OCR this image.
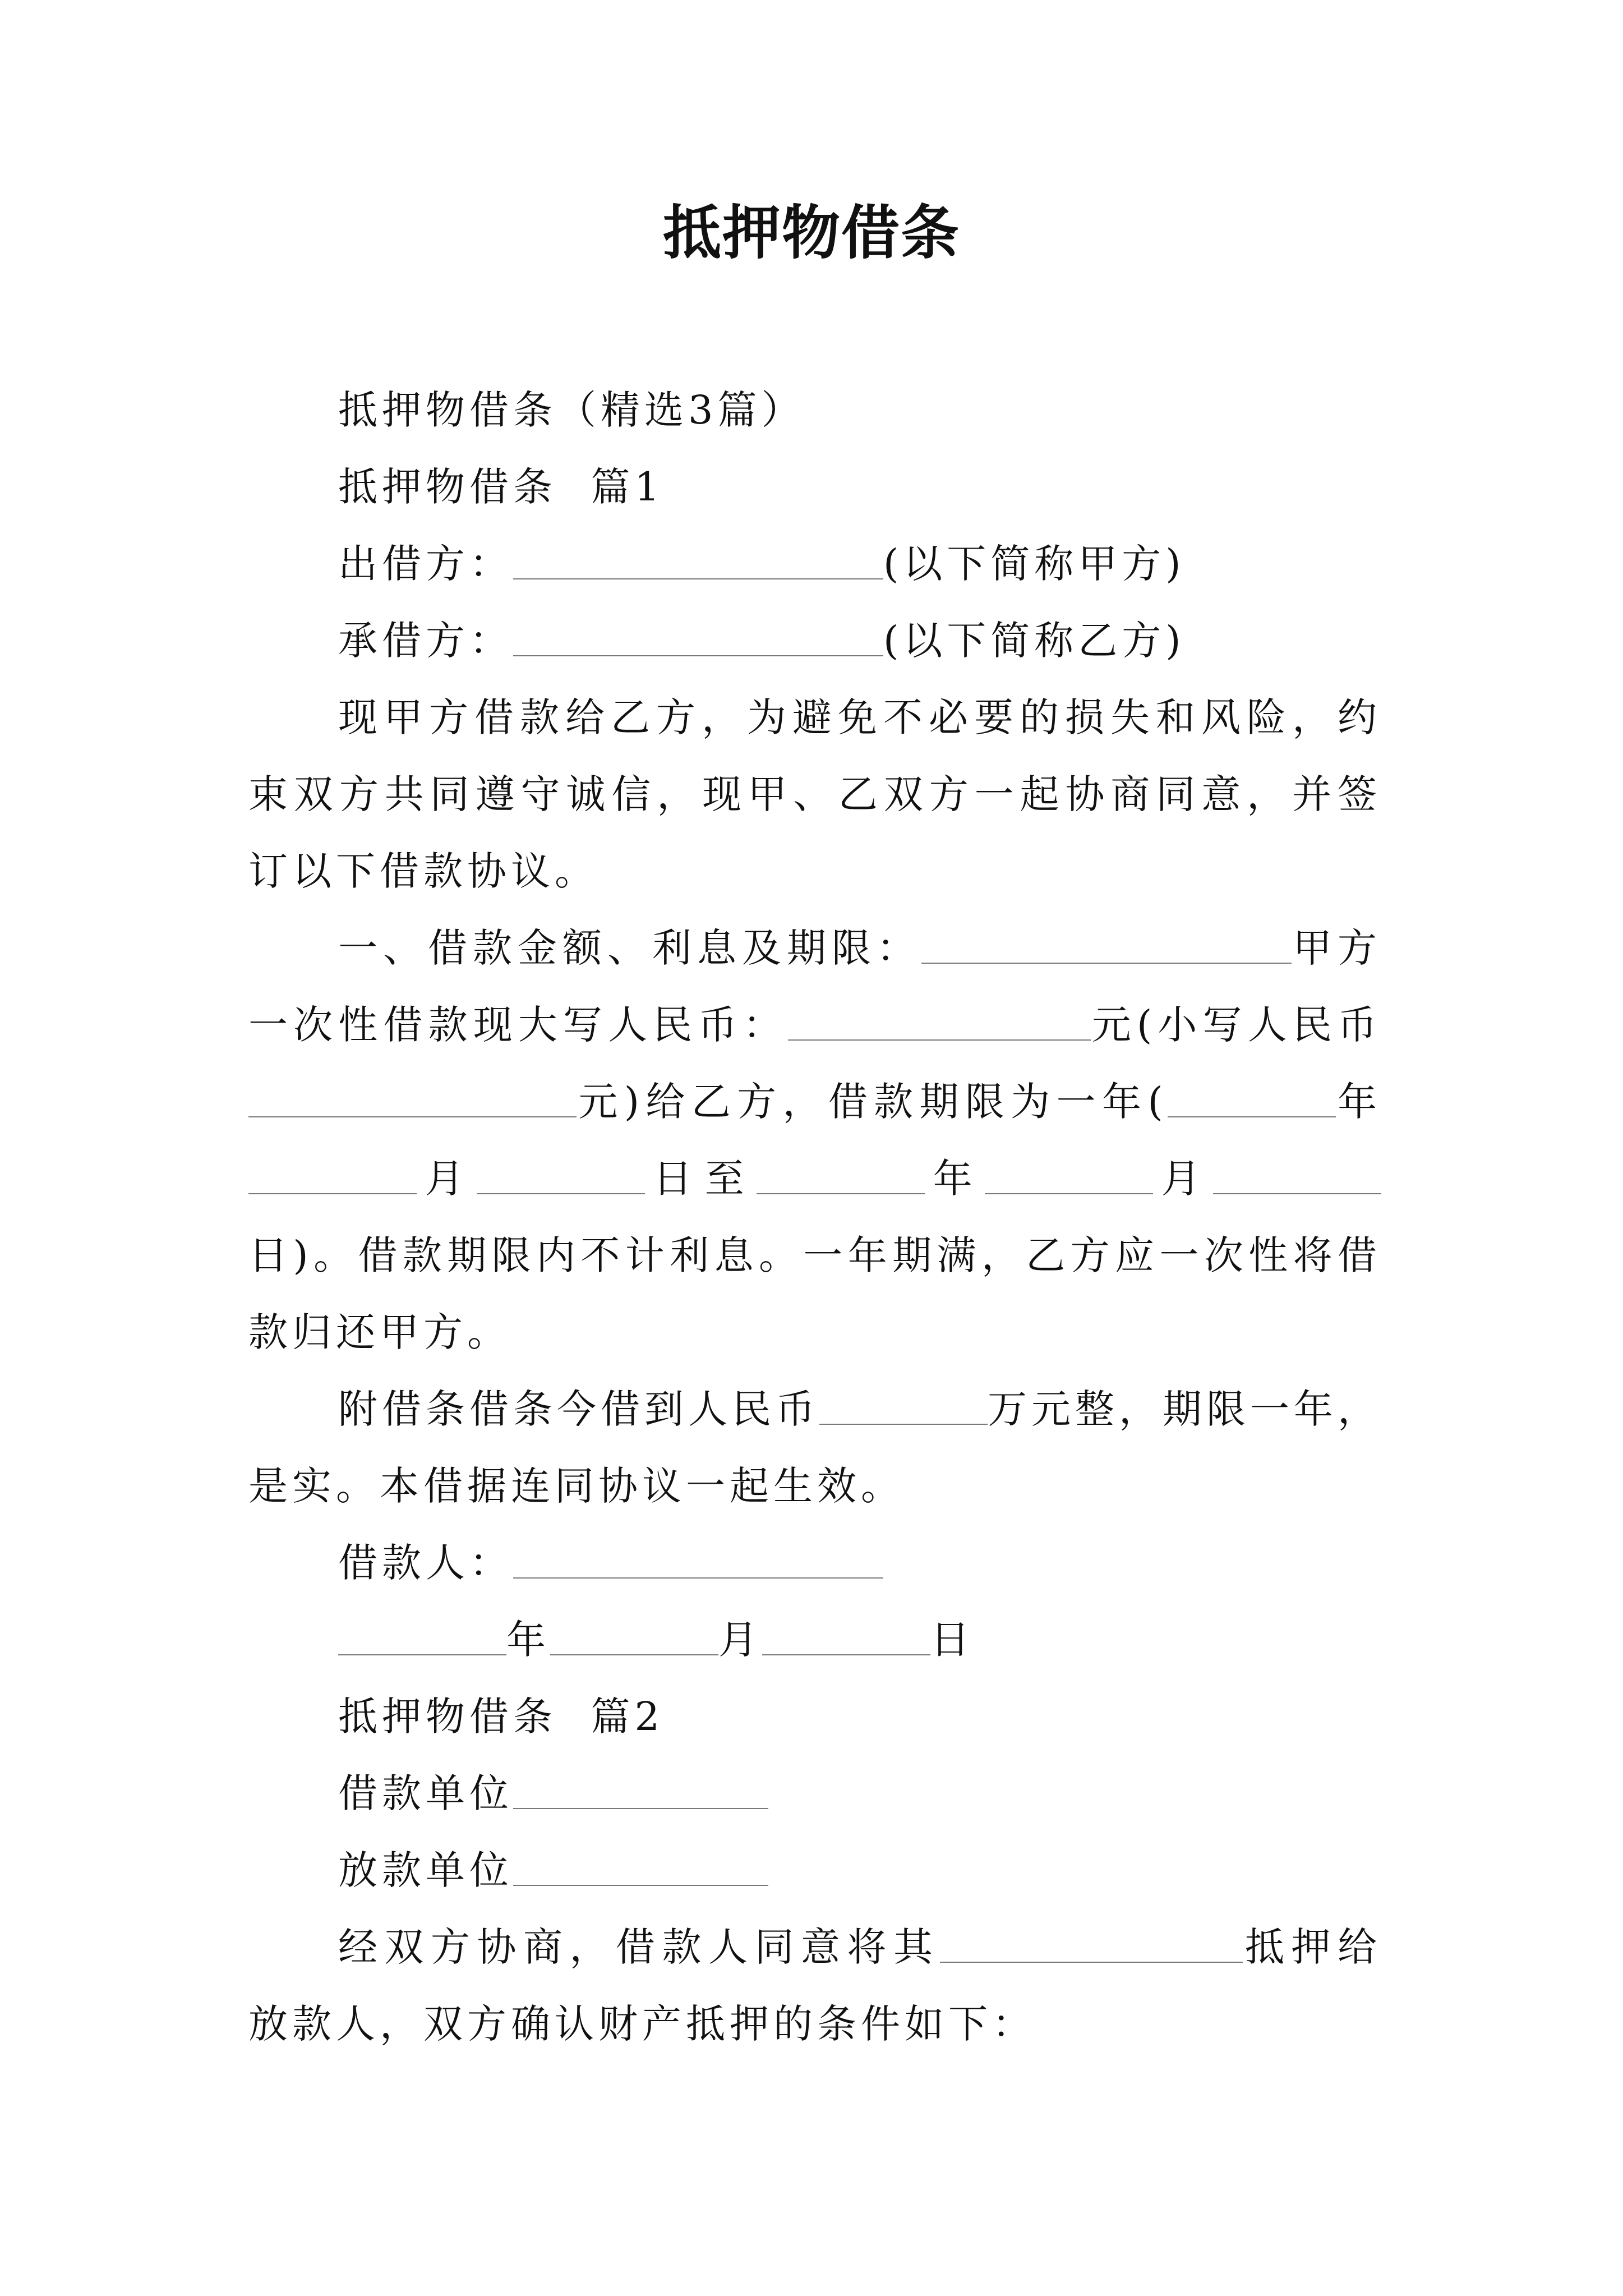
抵押物借条

抵押物借条（精选3篇）

抵押物借条  篇1

出借方：	(以下简称甲方)

承借方：	(以下简称乙方)

现甲方借款给乙方，为避免不必要的损失和风险，约束双方共同遵守诚信，现甲、乙双方一起协商同意，并签订以下借款协议。

一、借款金额、利息及期限：	甲方一次性借款现大写人民币：	元(小写人民币元)给乙方，借款期限为一年(	年月	日至	年	月日)。借款期限内不计利息。一年期满，乙方应一次性将借款归还甲方。

附借条借条今借到人民币	万元整，期限一年，是实。本借据连同协议一起生效。

借款人：

年	月	日

抵押物借条  篇2

借款单位

放款单位

经双方协商，借款人同意将其	抵押给放款人，双方确认财产抵押的条件如下：
